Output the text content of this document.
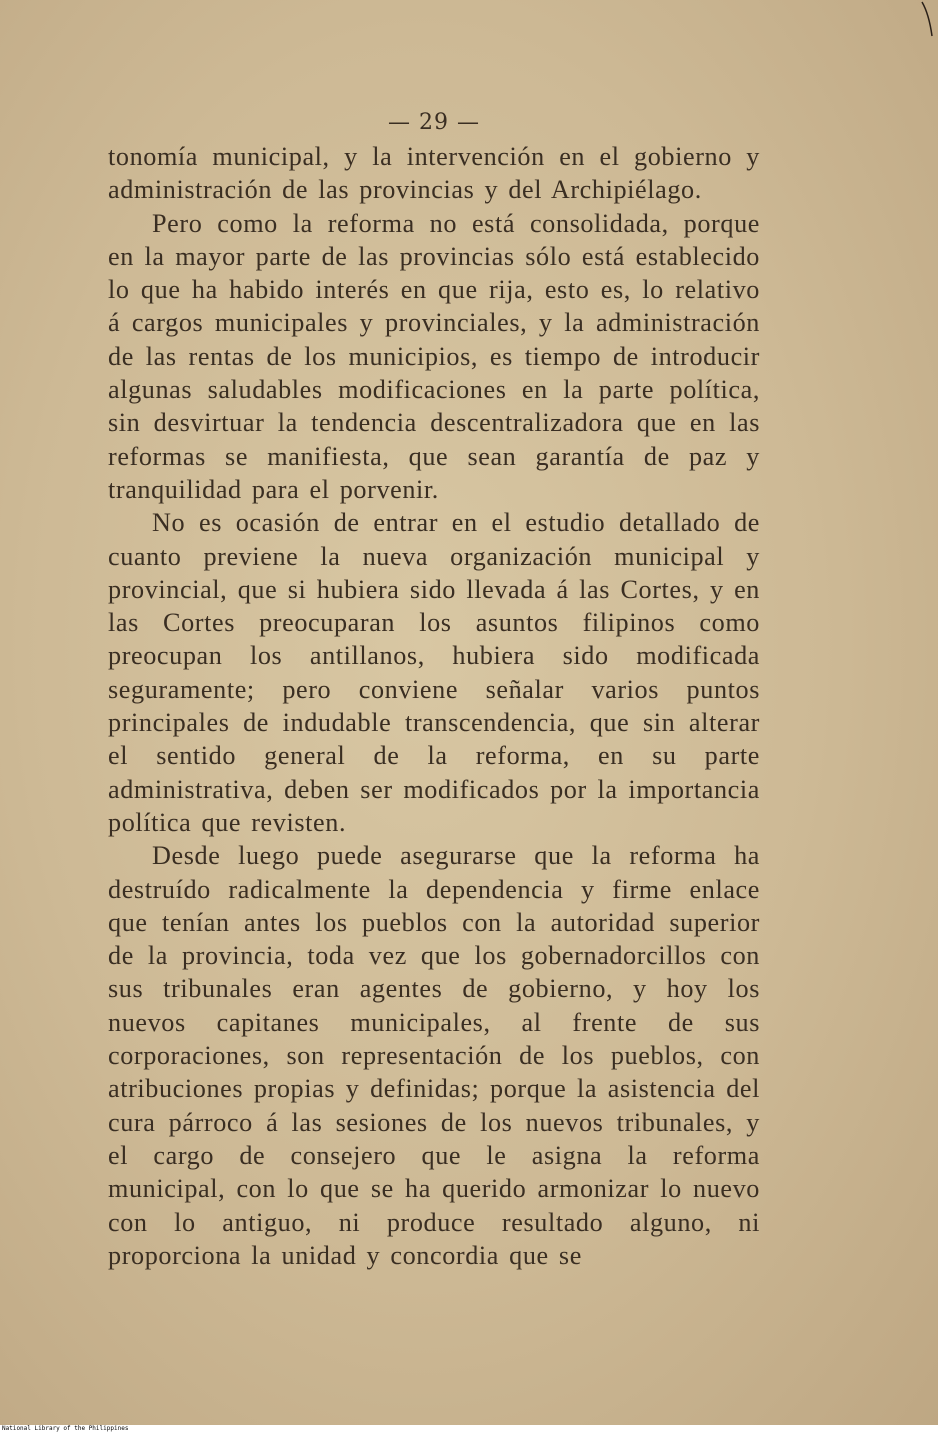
— 29 —

tonomía municipal, y la intervención en el gobierno y administración de las provincias y del Archipiélago.

Pero como la reforma no está consolidada, porque en la mayor parte de las provincias sólo está establecido lo que ha habido interés en que rija, esto es, lo relativo á cargos municipales y provinciales, y la administración de las rentas de los municipios, es tiempo de introducir algunas saludables modificaciones en la parte política, sin desvirtuar la tendencia descentralizadora que en las reformas se manifiesta, que sean garantía de paz y tranquilidad para el porvenir.

No es ocasión de entrar en el estudio detallado de cuanto previene la nueva organización municipal y provincial, que si hubiera sido llevada á las Cortes, y en las Cortes preocuparan los asuntos filipinos como preocupan los antillanos, hubiera sido modificada seguramente; pero conviene señalar varios puntos principales de indudable transcendencia, que sin alterar el sentido general de la reforma, en su parte administrativa, deben ser modificados por la importancia política que revisten.

Desde luego puede asegurarse que la reforma ha destruído radicalmente la dependencia y firme enlace que tenían antes los pueblos con la autoridad superior de la provincia, toda vez que los gobernadorcillos con sus tribunales eran agentes de gobierno, y hoy los nuevos capitanes municipales, al frente de sus corporaciones, son representación de los pueblos, con atribuciones propias y definidas; porque la asistencia del cura párroco á las sesiones de los nuevos tribunales, y el cargo de consejero que le asigna la reforma municipal, con lo que se ha querido armonizar lo nuevo con lo antiguo, ni produce resultado alguno, ni proporciona la unidad y concordia que se

National Library of the Philippines
